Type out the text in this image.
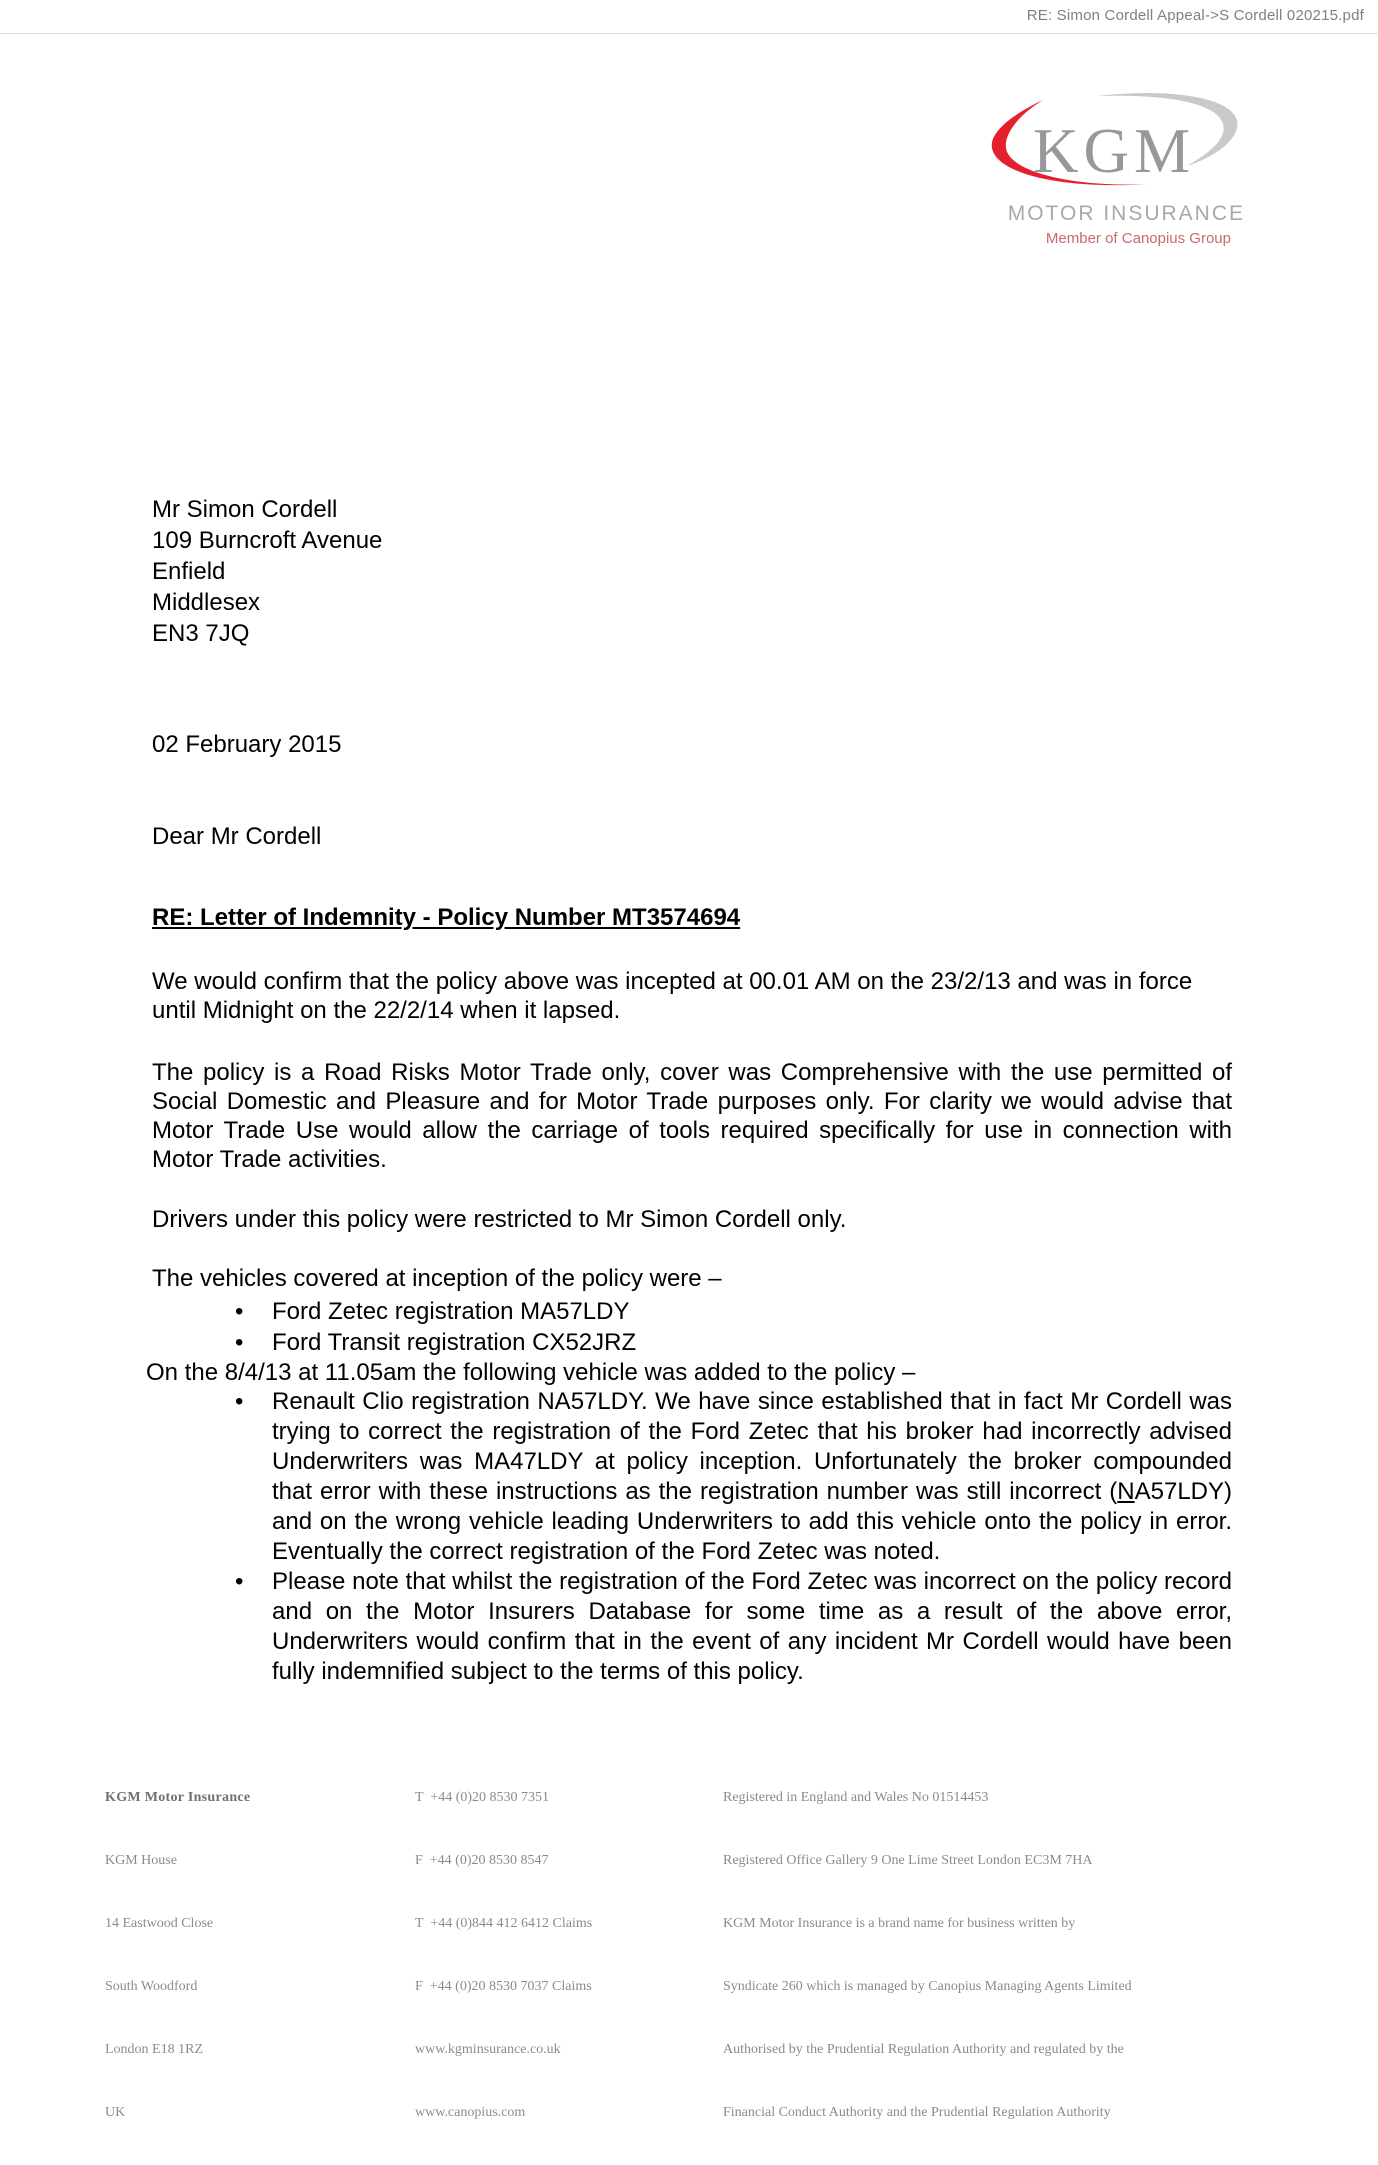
RE: Simon Cordell Appeal->S Cordell 020215.pdf
KGM
MOTOR INSURANCE
Member of Canopius Group
Mr Simon Cordell
109 Burncroft Avenue
Enfield
Middlesex
EN3 7JQ
02 February 2015
Dear Mr Cordell
RE: Letter of Indemnity - Policy Number MT3574694
We would confirm that the policy above was incepted at 00.01 AM on the 23/2/13 and was in force until Midnight on the 22/2/14 when it lapsed.
The policy is a Road Risks Motor Trade only, cover was Comprehensive with the use permitted of Social Domestic and Pleasure and for Motor Trade purposes only. For clarity we would advise that Motor Trade Use would allow the carriage of tools required specifically for use in connection with Motor Trade activities.
Drivers under this policy were restricted to Mr Simon Cordell only.
The vehicles covered at inception of the policy were –
• Ford Zetec registration MA57LDY
• Ford Transit registration CX52JRZ
On the 8/4/13 at 11.05am the following vehicle was added to the policy –
• Renault Clio registration NA57LDY. We have since established that in fact Mr Cordell was trying to correct the registration of the Ford Zetec that his broker had incorrectly advised Underwriters was MA47LDY at policy inception. Unfortunately the broker compounded that error with these instructions as the registration number was still incorrect (NA57LDY) and on the wrong vehicle leading Underwriters to add this vehicle onto the policy in error. Eventually the correct registration of the Ford Zetec was noted.
• Please note that whilst the registration of the Ford Zetec was incorrect on the policy record and on the Motor Insurers Database for some time as a result of the above error, Underwriters would confirm that in the event of any incident Mr Cordell would have been fully indemnified subject to the terms of this policy.

KGM Motor Insurance

KGM House

14 Eastwood Close

South Woodford

London E18 1RZ

UK

T  +44 (0)20 8530 7351

F  +44 (0)20 8530 8547

T  +44 (0)844 412 6412 Claims

F  +44 (0)20 8530 7037 Claims

www.kgminsurance.co.uk

www.canopius.com

Registered in England and Wales No 01514453

Registered Office Gallery 9 One Lime Street London EC3M 7HA

KGM Motor Insurance is a brand name for business written by

Syndicate 260 which is managed by Canopius Managing Agents Limited

Authorised by the Prudential Regulation Authority and regulated by the

Financial Conduct Authority and the Prudential Regulation Authority
